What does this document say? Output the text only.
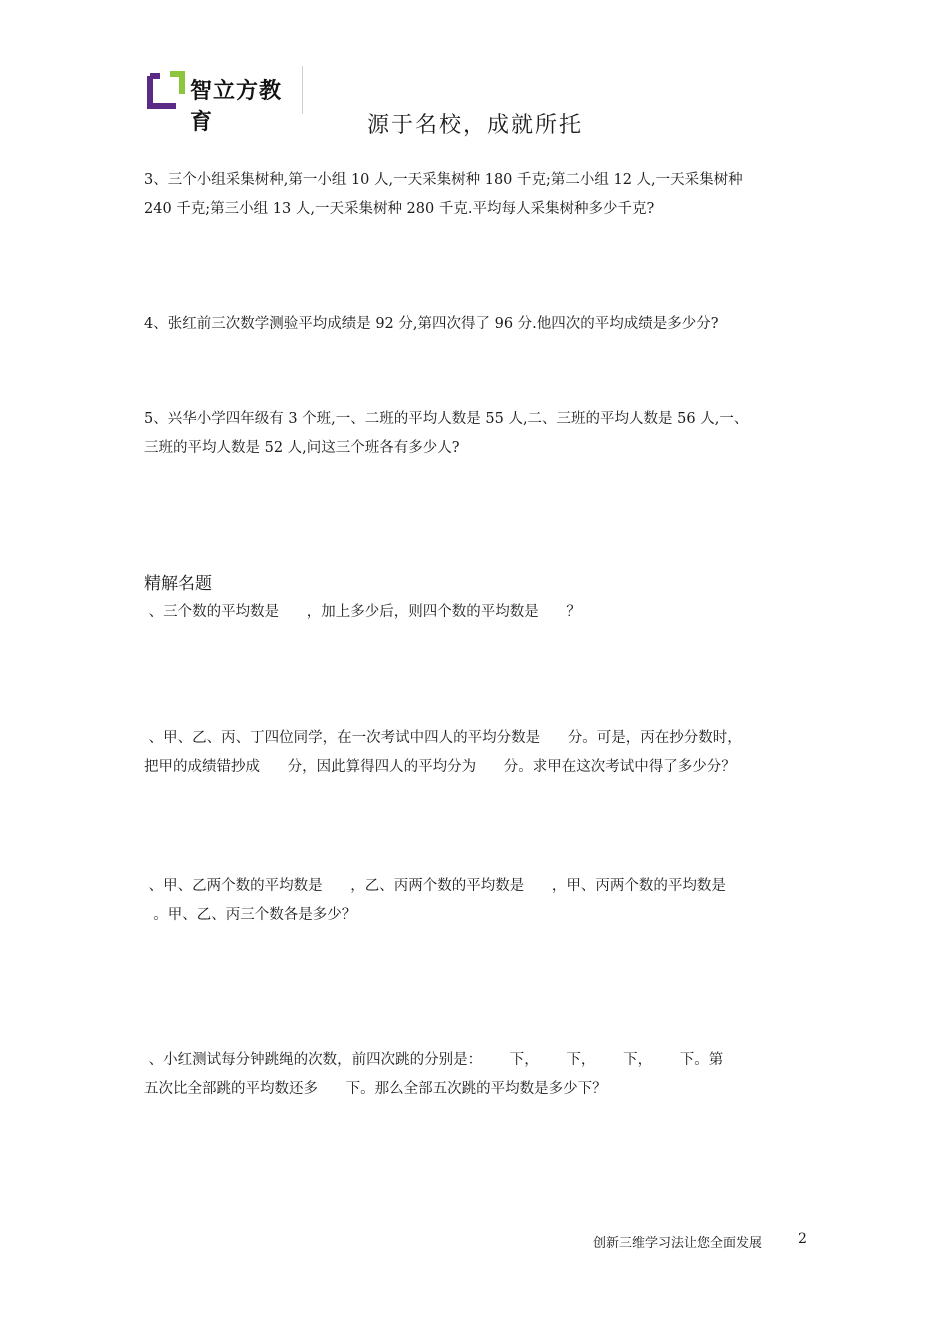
智立方教育	源于名校，成就所托
3、三个小组采集树种,第一小组 10 人,一天采集树种 180 千克;第二小组 12 人,一天采集树种
240 千克;第三小组 13 人,一天采集树种 280 千克.平均每人采集树种多少千克?
4、张红前三次数学测验平均成绩是 92 分,第四次得了 96 分.他四次的平均成绩是多少分?
5、兴华小学四年级有 3 个班,一、二班的平均人数是 55 人,二、三班的平均人数是 56 人,一、
三班的平均人数是 52 人,问这三个班各有多少人?
精解名题
、三个数的平均数是      ，加上多少后，则四个数的平均数是      ？
、甲、乙、丙、丁四位同学，在一次考试中四人的平均分数是      分。可是，丙在抄分数时，
把甲的成绩错抄成      分，因此算得四人的平均分为      分。求甲在这次考试中得了多少分？
、甲、乙两个数的平均数是      ，乙、丙两个数的平均数是      ，甲、丙两个数的平均数是
。甲、乙、丙三个数各是多少？
、小红测试每分钟跳绳的次数，前四次跳的分别是：      下，      下，      下，      下。第
五次比全部跳的平均数还多      下。那么全部五次跳的平均数是多少下？
创新三维学习法让您全面发展	2
